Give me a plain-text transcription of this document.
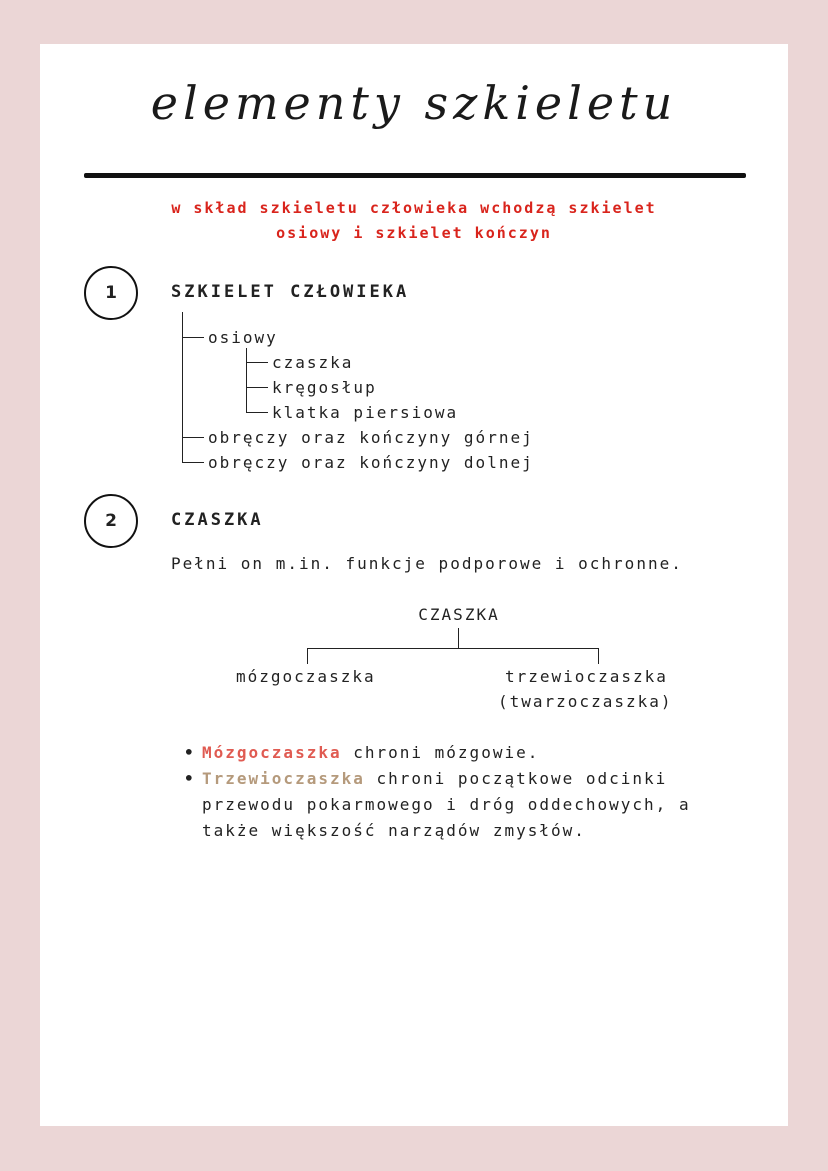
elementy szkieletu
w skład szkieletu człowieka wchodzą szkielet
osiowy i szkielet kończyn
1	SZKIELET CZŁOWIEKA
osiowy
czaszka
kręgosłup
klatka piersiowa
obręczy oraz kończyny górnej
obręczy oraz kończyny dolnej
2	CZASZKA
Pełni on m.in. funkcje podporowe i ochronne.
CZASZKA
mózgoczaszka	trzewioczaszka
(twarzoczaszka)
• Mózgoczaszka chroni mózgowie.
• Trzewioczaszka chroni początkowe odcinki przewodu pokarmowego i dróg oddechowych, a także większość narządów zmysłów.
